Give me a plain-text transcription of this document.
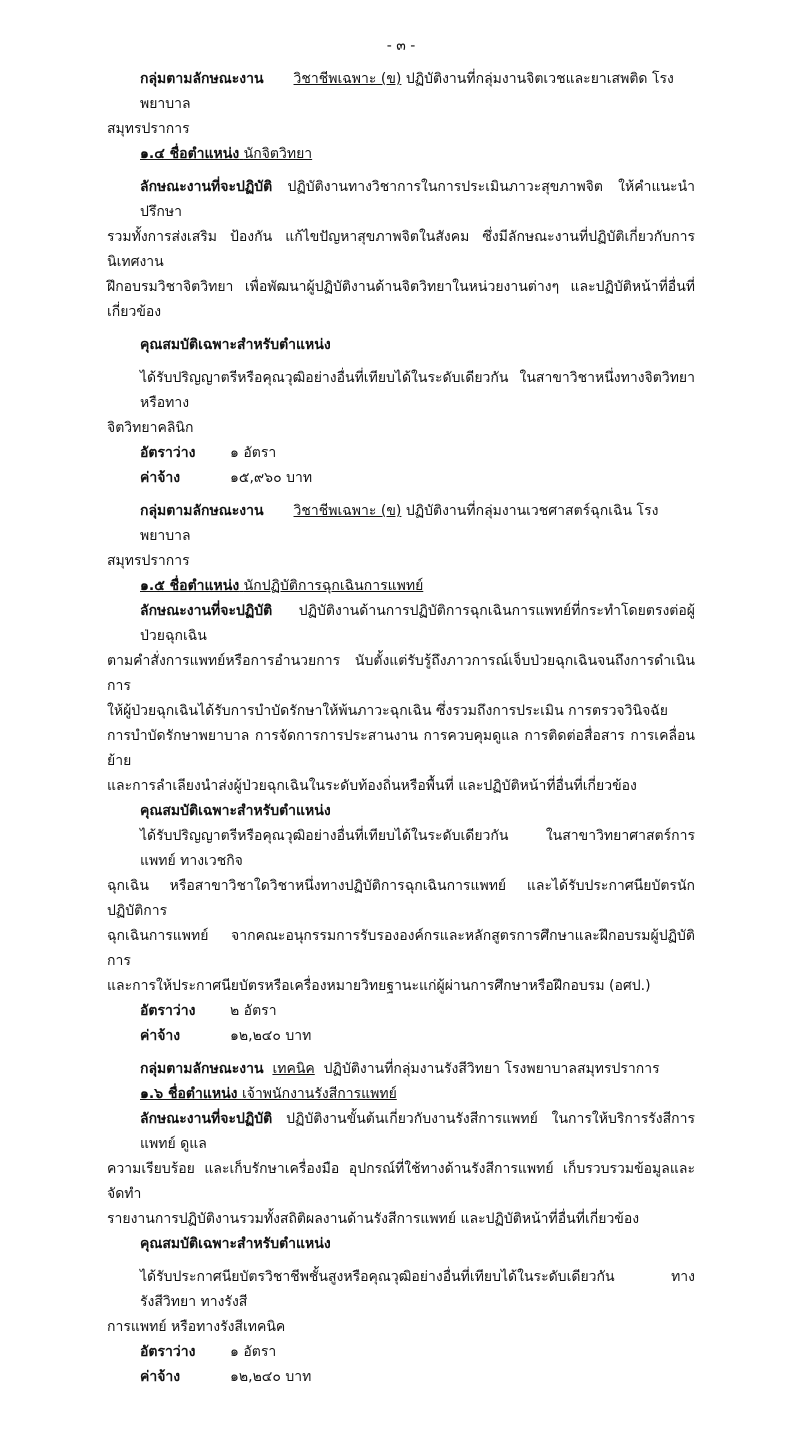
- ๓ -
กลุ่มตามลักษณะงาน วิชาชีพเฉพาะ (ข) ปฏิบัติงานที่กลุ่มงานจิตเวชและยาเสพติด โรงพยาบาล
สมุทรปราการ
๑.๔ ชื่อตำแหน่ง นักจิตวิทยา
ลักษณะงานที่จะปฏิบัติ ปฏิบัติงานทางวิชาการในการประเมินภาวะสุขภาพจิต ให้คำแนะนำ ปรึกษา
รวมทั้งการส่งเสริม ป้องกัน แก้ไขปัญหาสุขภาพจิตในสังคม ซึ่งมีลักษณะงานที่ปฏิบัติเกี่ยวกับการนิเทศงาน
ฝึกอบรมวิชาจิตวิทยา เพื่อพัฒนาผู้ปฏิบัติงานด้านจิตวิทยาในหน่วยงานต่างๆ และปฏิบัติหน้าที่อื่นที่เกี่ยวข้อง
คุณสมบัติเฉพาะสำหรับตำแหน่ง
ได้รับปริญญาตรีหรือคุณวุฒิอย่างอื่นที่เทียบได้ในระดับเดียวกัน ในสาขาวิชาหนึ่งทางจิตวิทยา หรือทาง
จิตวิทยาคลินิก
อัตราว่าง ๑ อัตรา
ค่าจ้าง	๑๕,๙๖๐ บาท
กลุ่มตามลักษณะงาน วิชาชีพเฉพาะ (ข) ปฏิบัติงานที่กลุ่มงานเวชศาสตร์ฉุกเฉิน โรงพยาบาล
สมุทรปราการ
๑.๕ ชื่อตำแหน่ง นักปฏิบัติการฉุกเฉินการแพทย์
ลักษณะงานที่จะปฏิบัติ ปฏิบัติงานด้านการปฏิบัติการฉุกเฉินการแพทย์ที่กระทำโดยตรงต่อผู้ป่วยฉุกเฉิน
ตามคำสั่งการแพทย์หรือการอำนวยการ นับตั้งแต่รับรู้ถึงภาวการณ์เจ็บป่วยฉุกเฉินจนถึงการดำเนินการ
ให้ผู้ป่วยฉุกเฉินได้รับการบำบัดรักษาให้พ้นภาวะฉุกเฉิน ซึ่งรวมถึงการประเมิน การตรวจวินิจฉัย
การบำบัดรักษาพยาบาล การจัดการการประสานงาน การควบคุมดูแล การติดต่อสื่อสาร การเคลื่อนย้าย
และการลำเลียงนำส่งผู้ป่วยฉุกเฉินในระดับท้องถิ่นหรือพื้นที่ และปฏิบัติหน้าที่อื่นที่เกี่ยวข้อง
คุณสมบัติเฉพาะสำหรับตำแหน่ง
ได้รับปริญญาตรีหรือคุณวุฒิอย่างอื่นที่เทียบได้ในระดับเดียวกัน ในสาขาวิทยาศาสตร์การแพทย์ ทางเวชกิจ
ฉุกเฉิน หรือสาขาวิชาใดวิชาหนึ่งทางปฏิบัติการฉุกเฉินการแพทย์ และได้รับประกาศนียบัตรนักปฏิบัติการ
ฉุกเฉินการแพทย์ จากคณะอนุกรรมการรับรององค์กรและหลักสูตรการศึกษาและฝึกอบรมผู้ปฏิบัติการ
และการให้ประกาศนียบัตรหรือเครื่องหมายวิทยฐานะแก่ผู้ผ่านการศึกษาหรือฝึกอบรม (อศป.)
อัตราว่าง ๒ อัตรา
ค่าจ้าง	๑๒,๒๔๐ บาท
กลุ่มตามลักษณะงาน เทคนิค ปฏิบัติงานที่กลุ่มงานรังสีวิทยา โรงพยาบาลสมุทรปราการ
๑.๖ ชื่อตำแหน่ง เจ้าพนักงานรังสีการแพทย์
ลักษณะงานที่จะปฏิบัติ ปฏิบัติงานขั้นต้นเกี่ยวกับงานรังสีการแพทย์ ในการให้บริการรังสีการแพทย์ ดูแล
ความเรียบร้อย และเก็บรักษาเครื่องมือ อุปกรณ์ที่ใช้ทางด้านรังสีการแพทย์ เก็บรวบรวมข้อมูลและจัดทำ
รายงานการปฏิบัติงานรวมทั้งสถิติผลงานด้านรังสีการแพทย์ และปฏิบัติหน้าที่อื่นที่เกี่ยวข้อง
คุณสมบัติเฉพาะสำหรับตำแหน่ง
ได้รับประกาศนียบัตรวิชาชีพชั้นสูงหรือคุณวุฒิอย่างอื่นที่เทียบได้ในระดับเดียวกัน ทางรังสีวิทยา ทางรังสี
การแพทย์ หรือทางรังสีเทคนิค
อัตราว่าง ๑ อัตรา
ค่าจ้าง	๑๒,๒๔๐ บาท
